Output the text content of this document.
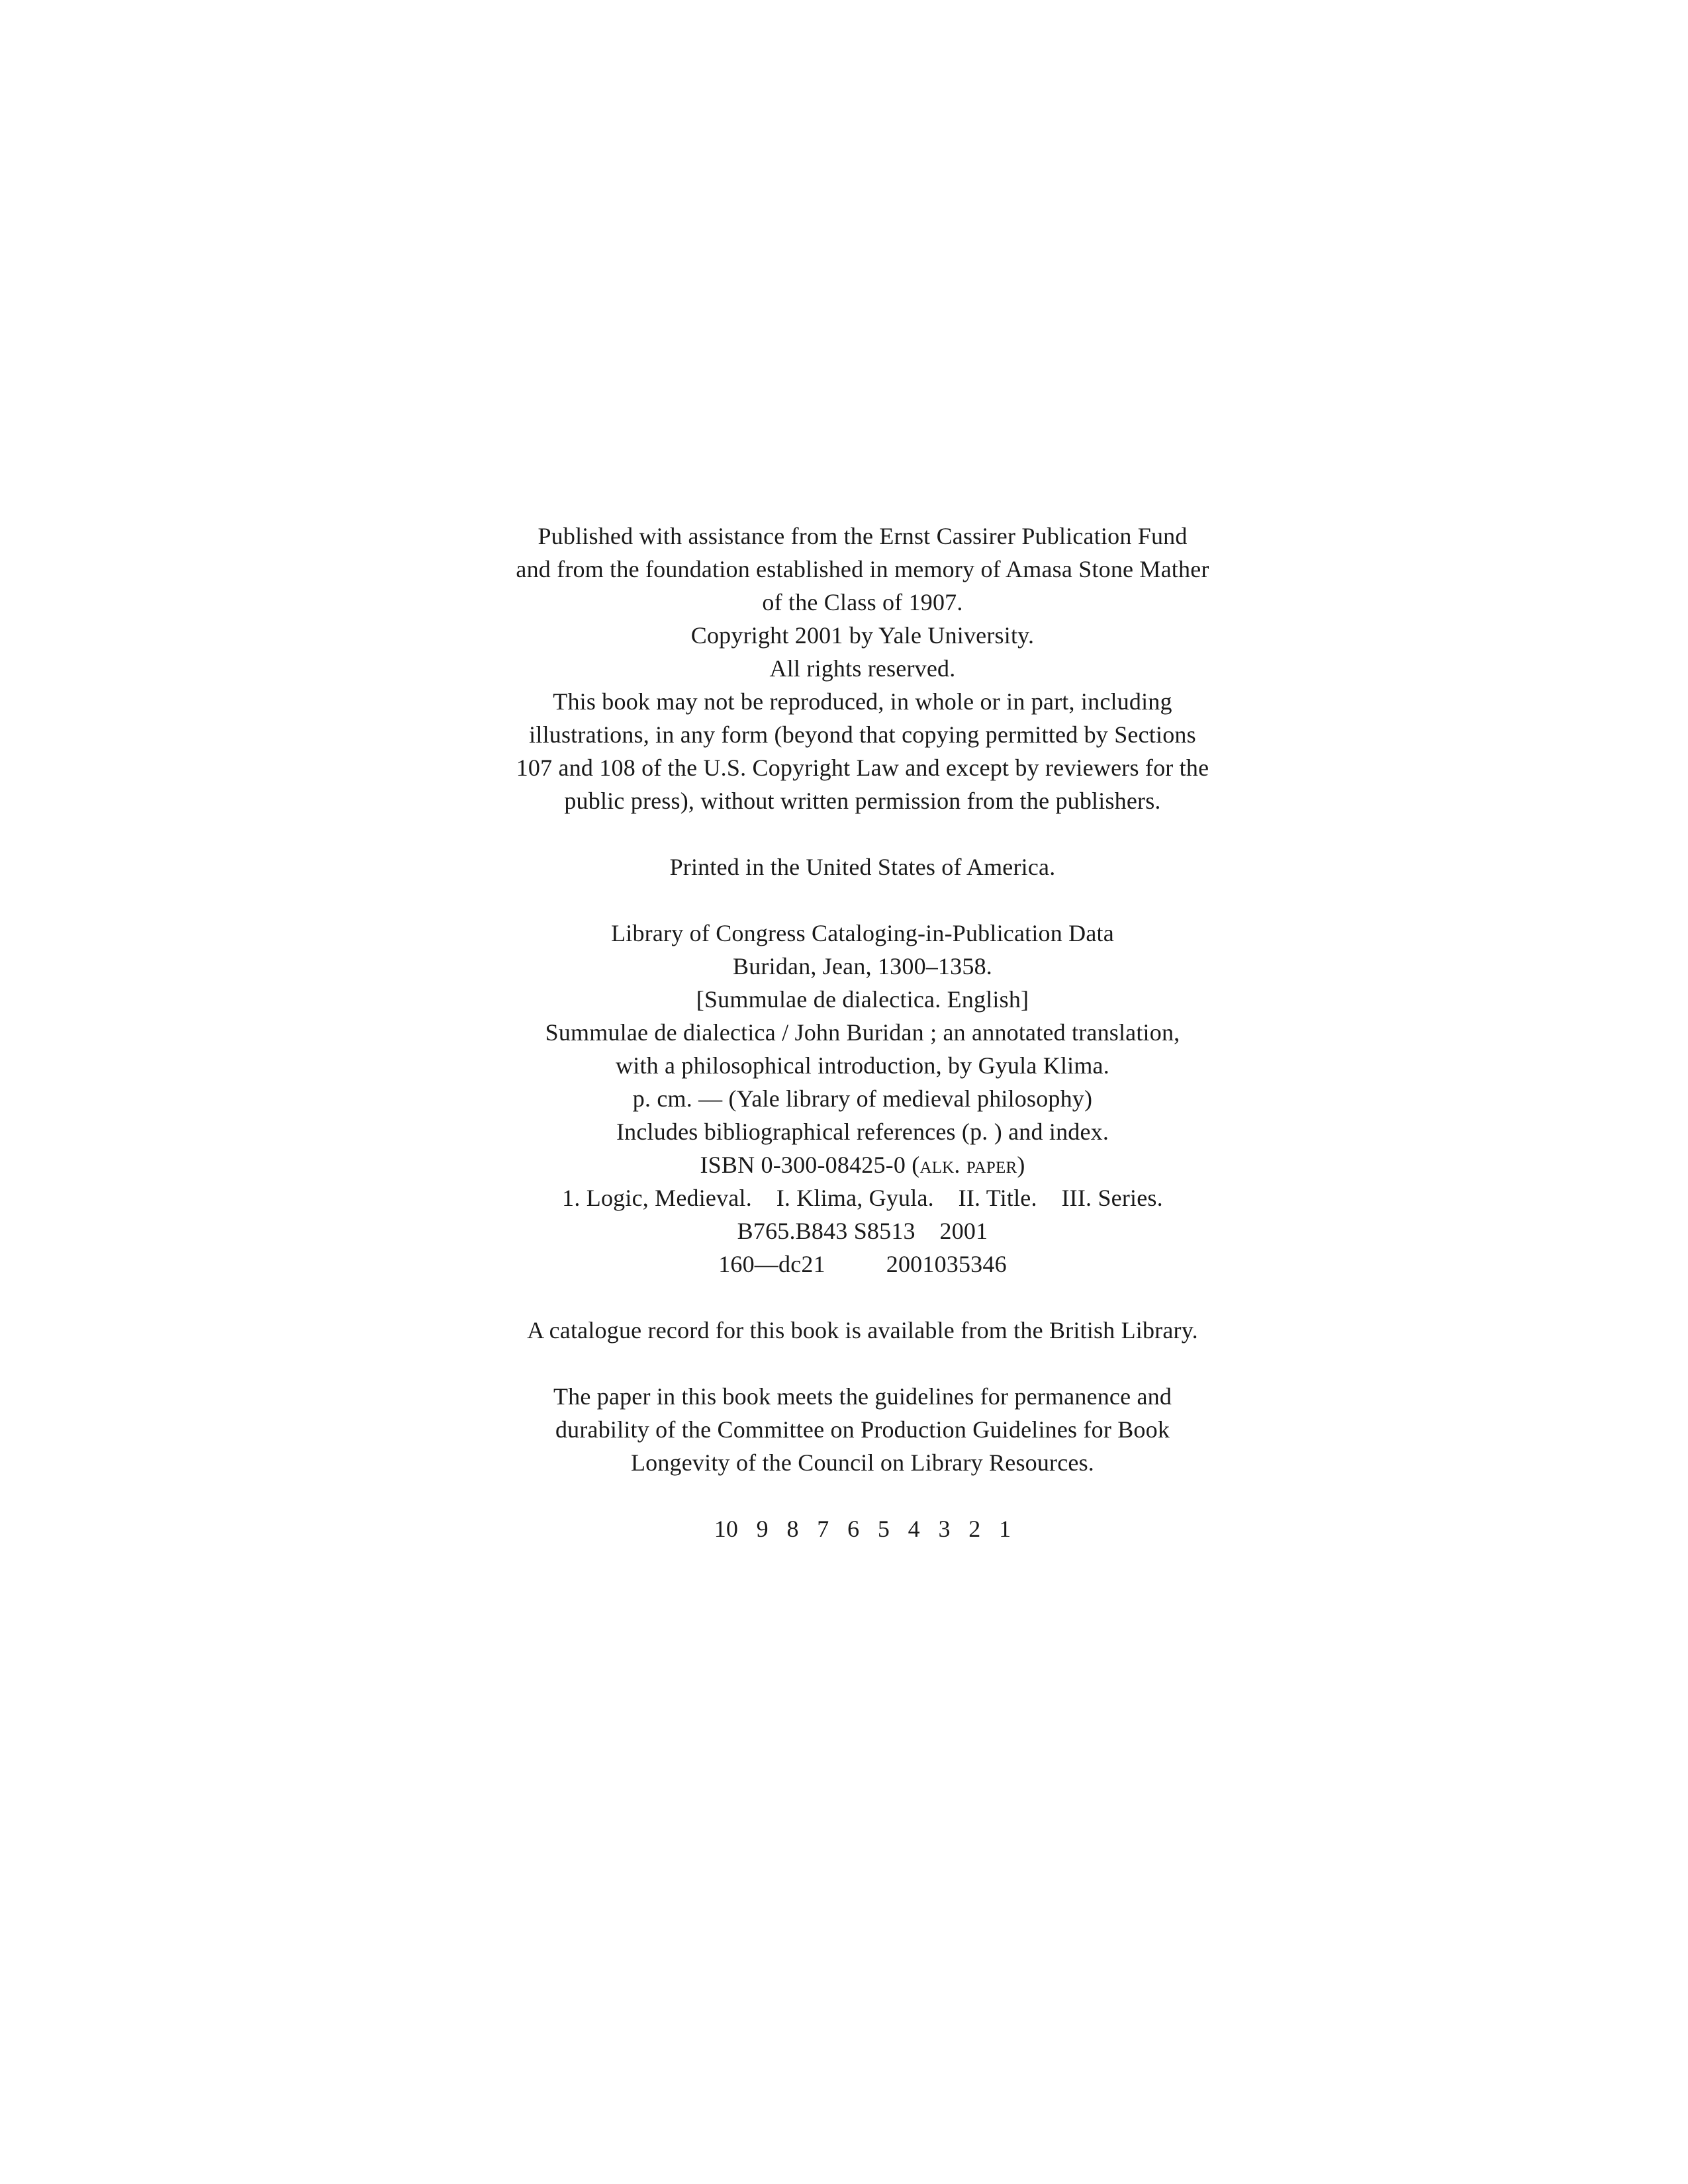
Published with assistance from the Ernst Cassirer Publication Fund
and from the foundation established in memory of Amasa Stone Mather
of the Class of 1907.
Copyright 2001 by Yale University.
All rights reserved.
This book may not be reproduced, in whole or in part, including
illustrations, in any form (beyond that copying permitted by Sections
107 and 108 of the U.S. Copyright Law and except by reviewers for the
public press), without written permission from the publishers.
Printed in the United States of America.
Library of Congress Cataloging-in-Publication Data
Buridan, Jean, 1300–1358.
[Summulae de dialectica. English]
Summulae de dialectica / John Buridan ; an annotated translation,
with a philosophical introduction, by Gyula Klima.
p. cm. — (Yale library of medieval philosophy)
Includes bibliographical references (p. ) and index.
ISBN 0-300-08425-0 (alk. paper)
1. Logic, Medieval.    I. Klima, Gyula.    II. Title.    III. Series.
B765.B843 S8513    2001
160—dc21          2001035346
A catalogue record for this book is available from the British Library.
The paper in this book meets the guidelines for permanence and
durability of the Committee on Production Guidelines for Book
Longevity of the Council on Library Resources.
10   9   8   7   6   5   4   3   2   1
